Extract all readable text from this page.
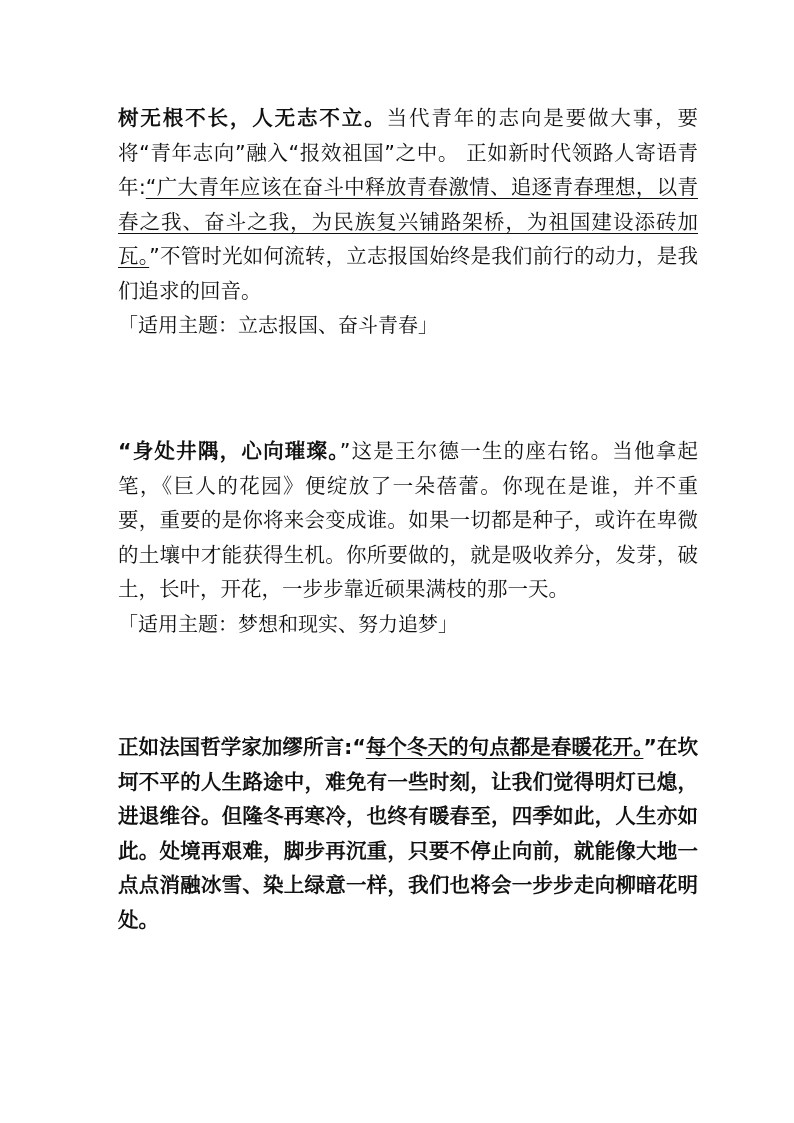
树无根不长，人无志不立。当代青年的志向是要做大事，要将“青年志向”融入“报效祖国”之中。 正如新时代领路人寄语青年:“广大青年应该在奋斗中释放青春激情、追逐青春理想，以青春之我、奋斗之我，为民族复兴铺路架桥，为祖国建设添砖加瓦。”不管时光如何流转，立志报国始终是我们前行的动力，是我们追求的回音。

「适用主题：立志报国、奋斗青春」

“身处井隅，心向璀璨。”这是王尔德一生的座右铭。当他拿起笔，《巨人的花园》便绽放了一朵蓓蕾。你现在是谁，并不重要，重要的是你将来会变成谁。如果一切都是种子，或许在卑微的土壤中才能获得生机。你所要做的，就是吸收养分，发芽，破土，长叶，开花，一步步靠近硕果满枝的那一天。

「适用主题：梦想和现实、努力追梦」

正如法国哲学家加缪所言:“每个冬天的句点都是春暖花开。”在坎坷不平的人生路途中，难免有一些时刻，让我们觉得明灯已熄，进退维谷。但隆冬再寒冷，也终有暖春至，四季如此，人生亦如此。处境再艰难，脚步再沉重，只要不停止向前，就能像大地一点点消融冰雪、染上绿意一样，我们也将会一步步走向柳暗花明处。
